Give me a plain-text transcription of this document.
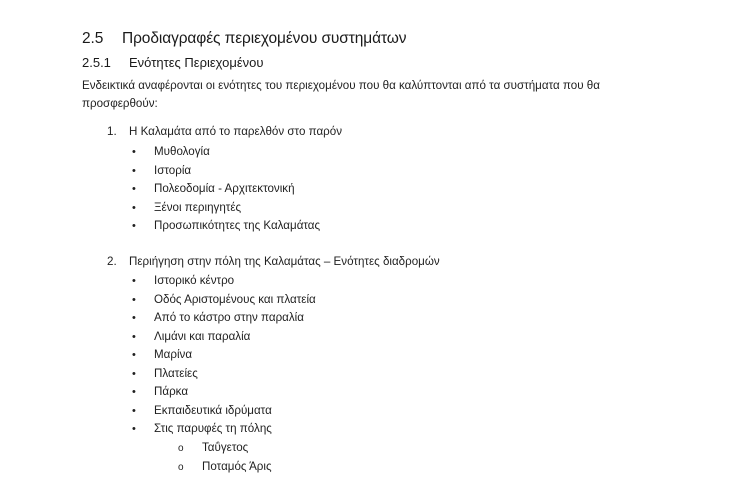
2.5 Προδιαγραφές περιεχομένου συστημάτων
2.5.1 Ενότητες Περιεχομένου
Ενδεικτικά αναφέρονται οι ενότητες του περιεχομένου που θα καλύπτονται από τα συστήματα που θα προσφερθούν:
1. Η Καλαμάτα από το παρελθόν στο παρόν
• Μυθολογία
• Ιστορία
• Πολεοδομία - Αρχιτεκτονική
• Ξένοι περιηγητές
• Προσωπικότητες της Καλαμάτας
2. Περιήγηση στην πόλη της Καλαμάτας – Ενότητες διαδρομών
• Ιστορικό κέντρο
• Οδός Αριστομένους και πλατεία
• Από το κάστρο στην παραλία
• Λιμάνι και παραλία
• Μαρίνα
• Πλατείες
• Πάρκα
• Εκπαιδευτικά ιδρύματα
• Στις παρυφές τη πόλης
o Ταΰγετος
o Ποταμός Άρις
